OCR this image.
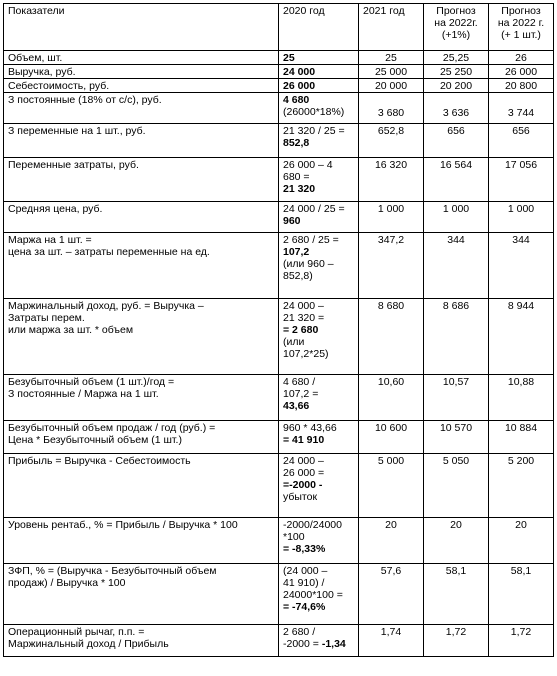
Показатели	2020 год	2021 год	Прогноз
на 2022г.
(+1%)	Прогноз
на 2022 г.
(+ 1 шт.)

Объем, шт.	25	25	25,25	26
Выручка, руб.	24 000	25 000	25 250	26 000
Себестоимость, руб.	26 000	20 000	20 200	20 800
З постоянные (18% от с/с), руб.	4 680
(26000*18%)	3 680	3 636	3 744

З переменные на 1 шт., руб.	21 320 / 25 =
852,8	652,8	656	656
Переменные затраты, руб.	26 000 – 4
680 =
21 320	16 320	16 564	17 056
Средняя цена, руб.	24 000 / 25 =
960	1 000	1 000	1 000

Маржа на 1 шт. =
цена за шт. – затраты переменные на ед.	2 680 / 25 =
107,2
(или 960 –
852,8)	347,2	344	344

Маржинальный доход, руб. = Выручка –
Затраты перем.
или маржа за шт. * объем	24 000 –
21 320 =
= 2 680
(или
107,2*25)	8 680	8 686	8 944

Безубыточный объем (1 шт.)/год =
З постоянные / Маржа на 1 шт.	4 680 /
107,2 =
43,66	10,60	10,57	10,88

Безубыточный объем продаж / год (руб.) =
Цена * Безубыточный объем (1 шт.)	960 * 43,66
= 41 910	10 600	10 570	10 884
Прибыль = Выручка - Себестоимость	24 000 –
26 000 =
=-2000 -
убыток	5 000	5 050	5 200
Уровень рентаб., % = Прибыль / Выручка * 100	-2000/24000
*100
= -8,33%	20	20	20

ЗФП, % = (Выручка - Безубыточный объем
продаж) / Выручка * 100	(24 000 –
41 910) /
24000*100 =
= -74,6%	57,6	58,1	58,1

Операционный рычаг, п.п. =
Маржинальный доход / Прибыль	2 680 /
-2000 = -1,34	1,74	1,72	1,72
